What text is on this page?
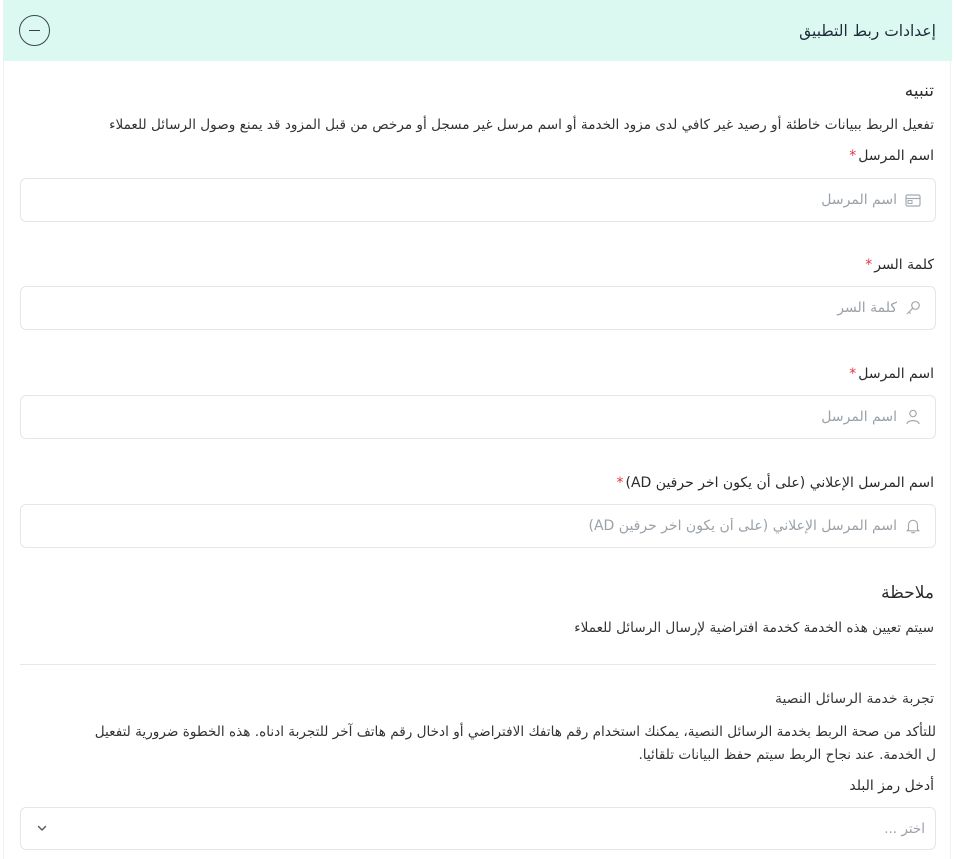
إعدادات ربط التطبيق
تنبيه
تفعيل الربط ببيانات خاطئة أو رصيد غير كافي لدى مزود الخدمة أو اسم مرسل غير مسجل أو مرخص من قبل المزود قد يمنع وصول الرسائل للعملاء
اسم المرسل*
اسم المرسل
كلمة السر*
اسم المرسل*
اسم المرسل
اسم المرسل الإعلاني (على أن يكون اخر حرفين AD)*
اسم المرسل الإعلاني (على أن يكون اخر حرفين AD)
ملاحظة
سيتم تعيين هذه الخدمة كخدمة افتراضية لإرسال الرسائل للعملاء
تجربة خدمة الرسائل النصية
للتأكد من صحة الربط بخدمة الرسائل النصية، يمكنك استخدام رقم هاتفك الافتراضي أو ادخال رقم هاتف آخر للتجربة ادناه. هذه الخطوة ضرورية لتفعيل
ل الخدمة. عند نجاح الربط سيتم حفظ البيانات تلقائيا.
أدخل رمز البلد
اختر ...
